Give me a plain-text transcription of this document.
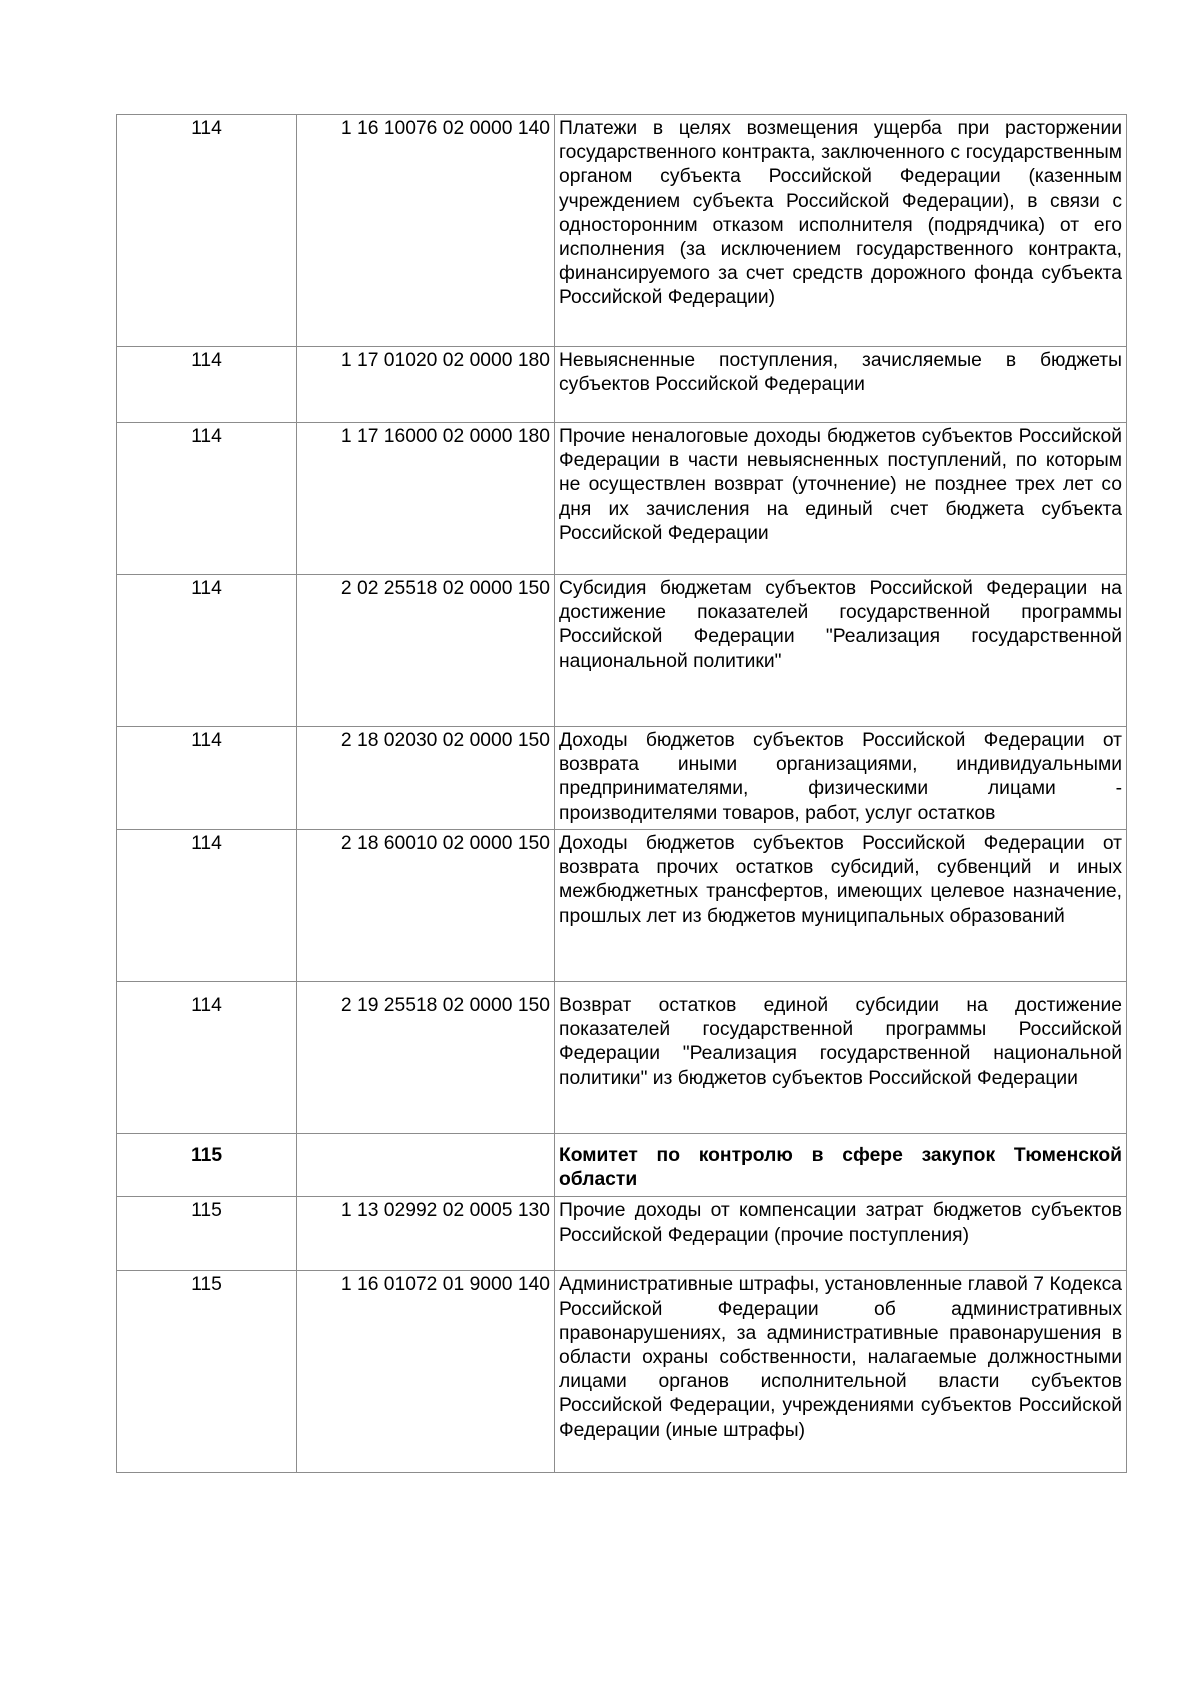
114	1 16 10076 02 0000 140	Платежи в целях возмещения ущерба при расторжении государственного контракта, заключенного с государственным органом субъекта Российской Федерации (казенным учреждением субъекта Российской Федерации), в связи с односторонним отказом исполнителя (подрядчика) от его исполнения (за исключением государственного контракта, финансируемого за счет средств дорожного фонда субъекта Российской Федерации)
114	1 17 01020 02 0000 180	Невыясненные поступления, зачисляемые в бюджеты субъектов Российской Федерации
114	1 17 16000 02 0000 180	Прочие неналоговые доходы бюджетов субъектов Российской Федерации в части невыясненных поступлений, по которым не осуществлен возврат (уточнение) не позднее трех лет со дня их зачисления на единый счет бюджета субъекта Российской Федерации
114	2 02 25518 02 0000 150	Субсидия бюджетам субъектов Российской Федерации на достижение показателей государственной программы Российской Федерации "Реализация государственной национальной политики"
114	2 18 02030 02 0000 150	Доходы бюджетов субъектов Российской Федерации от возврата иными организациями, индивидуальными предпринимателями, физическими лицами - производителями товаров, работ, услуг остатков

114	2 18 60010 02 0000 150	Доходы бюджетов субъектов Российской Федерации от возврата прочих остатков субсидий, субвенций и иных межбюджетных трансфертов, имеющих целевое назначение, прошлых лет из бюджетов муниципальных образований
114	2 19 25518 02 0000 150	Возврат остатков единой субсидии на достижение показателей государственной программы Российской Федерации "Реализация государственной национальной политики" из бюджетов субъектов Российской Федерации
115		Комитет по контролю в сфере закупок Тюменской области
115	1 13 02992 02 0005 130	Прочие доходы от компенсации затрат бюджетов субъектов Российской Федерации (прочие поступления)
115	1 16 01072 01 9000 140	Административные штрафы, установленные главой 7 Кодекса Российской Федерации об административных правонарушениях, за административные правонарушения в области охраны собственности, налагаемые должностными лицами органов исполнительной власти субъектов Российской Федерации, учреждениями субъектов Российской Федерации (иные штрафы)
